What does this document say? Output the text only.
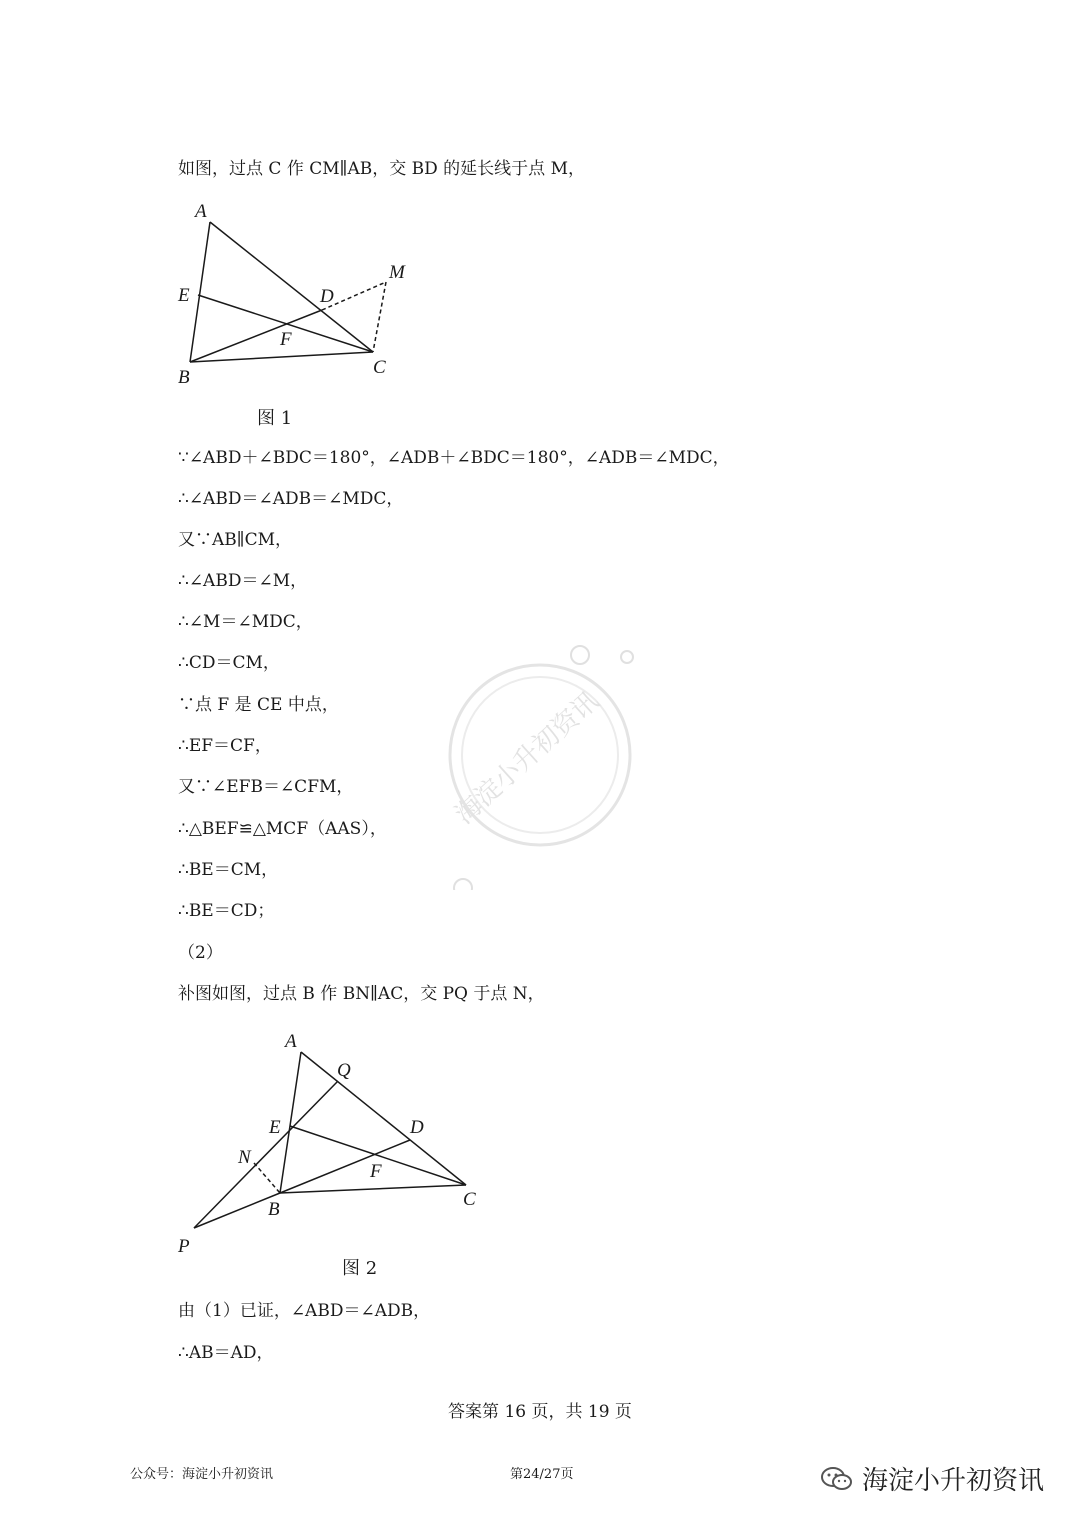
如图，过点 C 作 CM∥AB，交 BD 的延长线于点 M，
A
E	D
M
F
B	C
图 1
∵∠ABD＋∠BDC＝180°，∠ADB＋∠BDC＝180°，∠ADB＝∠MDC，
∴∠ABD＝∠ADB＝∠MDC，
又∵AB∥CM，
∴∠ABD＝∠M，
∴∠M＝∠MDC，
∴CD＝CM，
∵点 F 是 CE 中点，
∴EF＝CF，
又∵∠EFB＝∠CFM，
∴△BEF≌△MCF（AAS），
∴BE＝CM，
∴BE＝CD；
（2）
补图如图，过点 B 作 BN∥AC，交 PQ 于点 N，
A
Q
E	D
N
F
B	C
P
图 2
由（1）已证，∠ABD＝∠ADB，
∴AB＝AD，
答案第 16 页，共 19 页
海淀小升初资讯
公众号：海淀小升初资讯	第24/27页	海淀小升初资讯
